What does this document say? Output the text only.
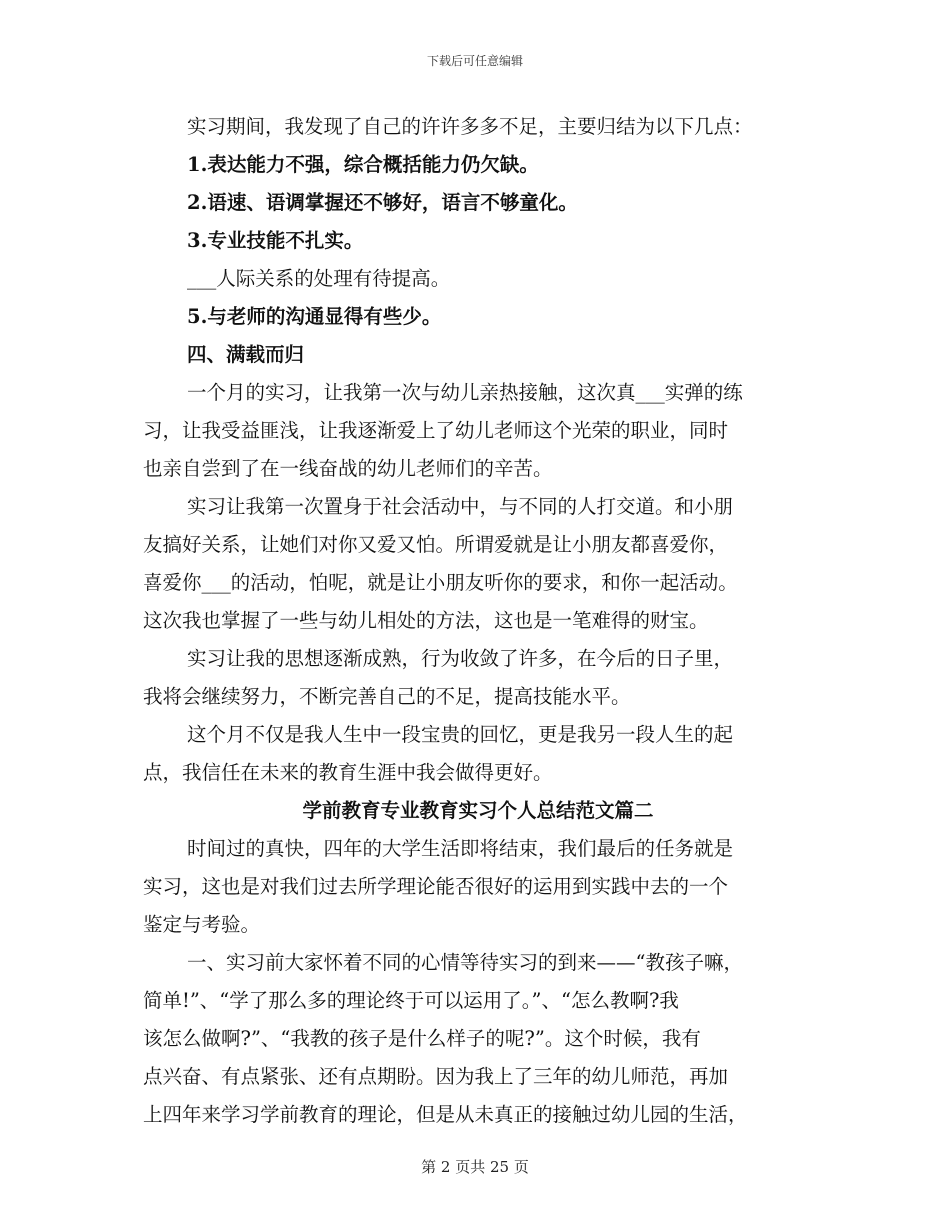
下载后可任意编辑
实习期间，我发现了自己的许许多多不足，主要归结为以下几点：
1.表达能力不强，综合概括能力仍欠缺。
2.语速、语调掌握还不够好，语言不够童化。
3.专业技能不扎实。
___人际关系的处理有待提高。
5.与老师的沟通显得有些少。
四、满载而归
一个月的实习，让我第一次与幼儿亲热接触，这次真___实弹的练
习，让我受益匪浅，让我逐渐爱上了幼儿老师这个光荣的职业，同时
也亲自尝到了在一线奋战的幼儿老师们的辛苦。
实习让我第一次置身于社会活动中，与不同的人打交道。和小朋
友搞好关系，让她们对你又爱又怕。所谓爱就是让小朋友都喜爱你，
喜爱你___的活动，怕呢，就是让小朋友听你的要求，和你一起活动。
这次我也掌握了一些与幼儿相处的方法，这也是一笔难得的财宝。
实习让我的思想逐渐成熟，行为收敛了许多，在今后的日子里，
我将会继续努力，不断完善自己的不足，提高技能水平。
这个月不仅是我人生中一段宝贵的回忆，更是我另一段人生的起
点，我信任在未来的教育生涯中我会做得更好。
学前教育专业教育实习个人总结范文篇二
时间过的真快，四年的大学生活即将结束，我们最后的任务就是
实习，这也是对我们过去所学理论能否很好的运用到实践中去的一个
鉴定与考验。
一、实习前大家怀着不同的心情等待实习的到来——“教孩子嘛，
简单!”、“学了那么多的理论终于可以运用了。”、“怎么教啊?我
该怎么做啊?”、“我教的孩子是什么样子的呢?”。这个时候，我有
点兴奋、有点紧张、还有点期盼。因为我上了三年的幼儿师范，再加
上四年来学习学前教育的理论，但是从未真正的接触过幼儿园的生活，
第 2 页共 25 页
